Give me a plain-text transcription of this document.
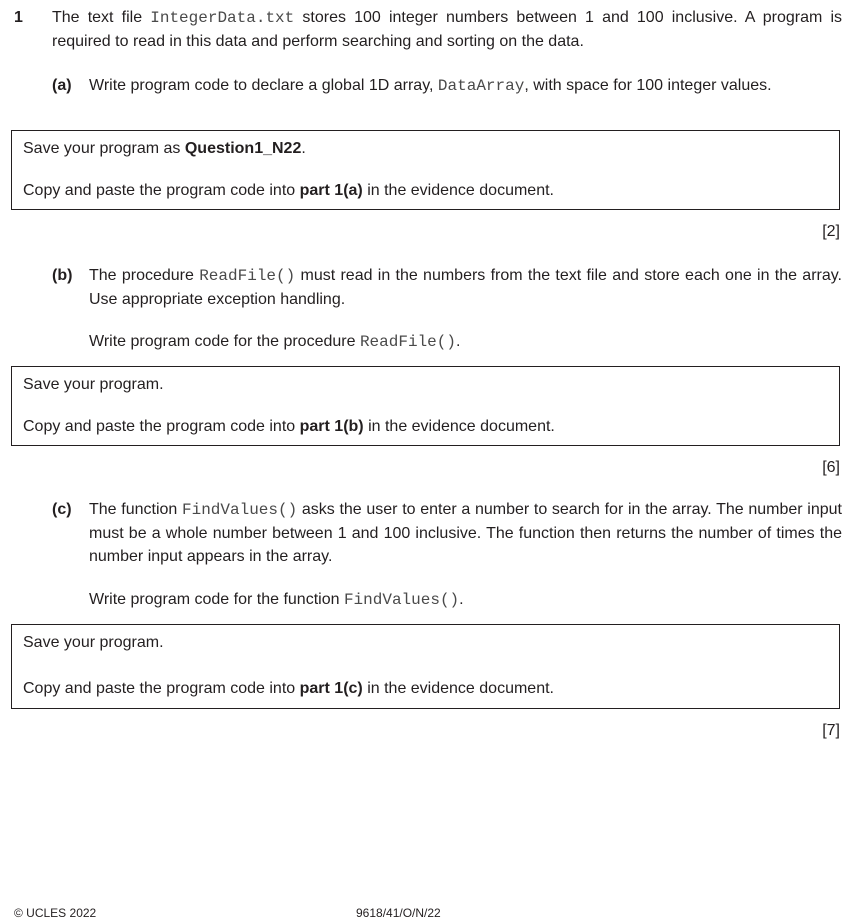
1 The text file IntegerData.txt stores 100 integer numbers between 1 and 100 inclusive. A program is required to read in this data and perform searching and sorting on the data.
(a) Write program code to declare a global 1D array, DataArray, with space for 100 integer values.
Save your program as Question1_N22.
Copy and paste the program code into part 1(a) in the evidence document.
[2]
(b) The procedure ReadFile() must read in the numbers from the text file and store each one in the array. Use appropriate exception handling.
Write program code for the procedure ReadFile().
Save your program.
Copy and paste the program code into part 1(b) in the evidence document.
[6]
(c) The function FindValues() asks the user to enter a number to search for in the array. The number input must be a whole number between 1 and 100 inclusive. The function then returns the number of times the number input appears in the array.
Write program code for the function FindValues().
Save your program.
Copy and paste the program code into part 1(c) in the evidence document.
[7]
© UCLES 2022	9618/41/O/N/22
